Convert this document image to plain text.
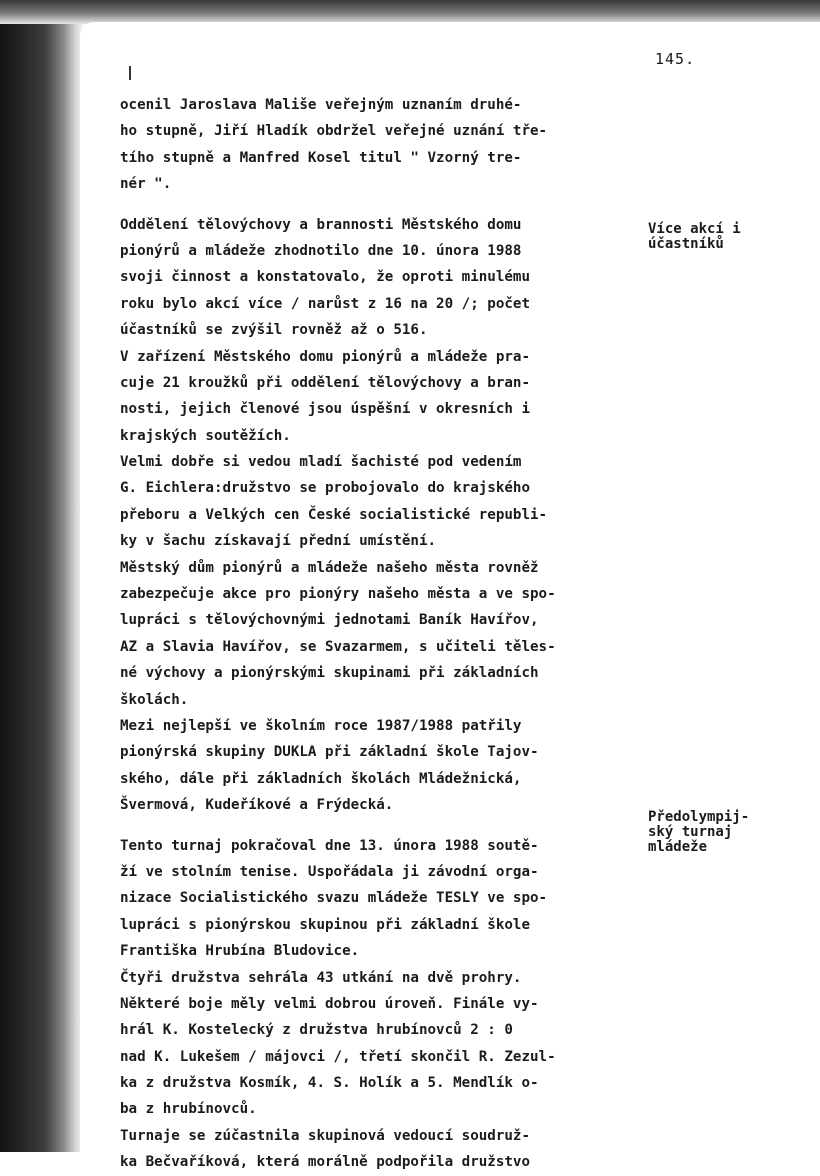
145.
ocenil Jaroslava Mališe veřejným uznaním druhé-
ho stupně, Jiří Hladík obdržel veřejné uznání tře-
tího stupně a Manfred Kosel titul " Vzorný tre-
nér ".
Oddělení tělovýchovy a brannosti Městského domu
pionýrů a mládeže zhodnotilo dne 10. února 1988
svoji činnost a konstatovalo, že oproti minulému
roku bylo akcí více / narůst z 16 na 20 /; počet
účastníků se zvýšil rovněž až o 516.
V zařízení Městského domu pionýrů a mládeže pra-
cuje 21 kroužků při oddělení tělovýchovy a bran-
nosti, jejich členové jsou úspěšní v okresních i
krajských soutěžích.
Velmi dobře si vedou mladí šachisté pod vedením
G. Eichlera:družstvo se probojovalo do krajského
přeboru a Velkých cen České socialistické republi-
ky v šachu získavají přední umístění.
Městský dům pionýrů a mládeže našeho města rovněž
zabezpečuje akce pro pionýry našeho města a ve spo-
lupráci s tělovýchovnými jednotami Baník Havířov,
AZ a Slavia Havířov, se Svazarmem, s učiteli těles-
né výchovy a pionýrskými skupinami při základních
školách.
Mezi nejlepší ve školním roce 1987/1988 patřily
pionýrská skupiny DUKLA při základní škole Tajov-
ského, dále při základních školách Mládežnická,
Švermová, Kudeříkové a Frýdecká.
Tento turnaj pokračoval dne 13. února 1988 soutě-
ží ve stolním tenise. Uspořádala ji závodní orga-
nizace Socialistického svazu mládeže TESLY ve spo-
lupráci s pionýrskou skupinou při základní škole
Františka Hrubína Bludovice.
Čtyři družstva sehrála 43 utkání na dvě prohry.
Některé boje měly velmi dobrou úroveň. Finále vy-
hrál K. Kostelecký z družstva hrubínovců 2 : 0
nad K. Lukešem / májovci /, třetí skončil R. Zezul-
ka z družstva Kosmík, 4. S. Holík a 5. Mendlík o-
ba z hrubínovců.
Turnaje se zúčastnila skupinová vedoucí soudruž-
ka Bečvaříková, která morálně podpořila družstvo
Více akcí i
účastníků
Předolympij-
ský turnaj
mládeže
